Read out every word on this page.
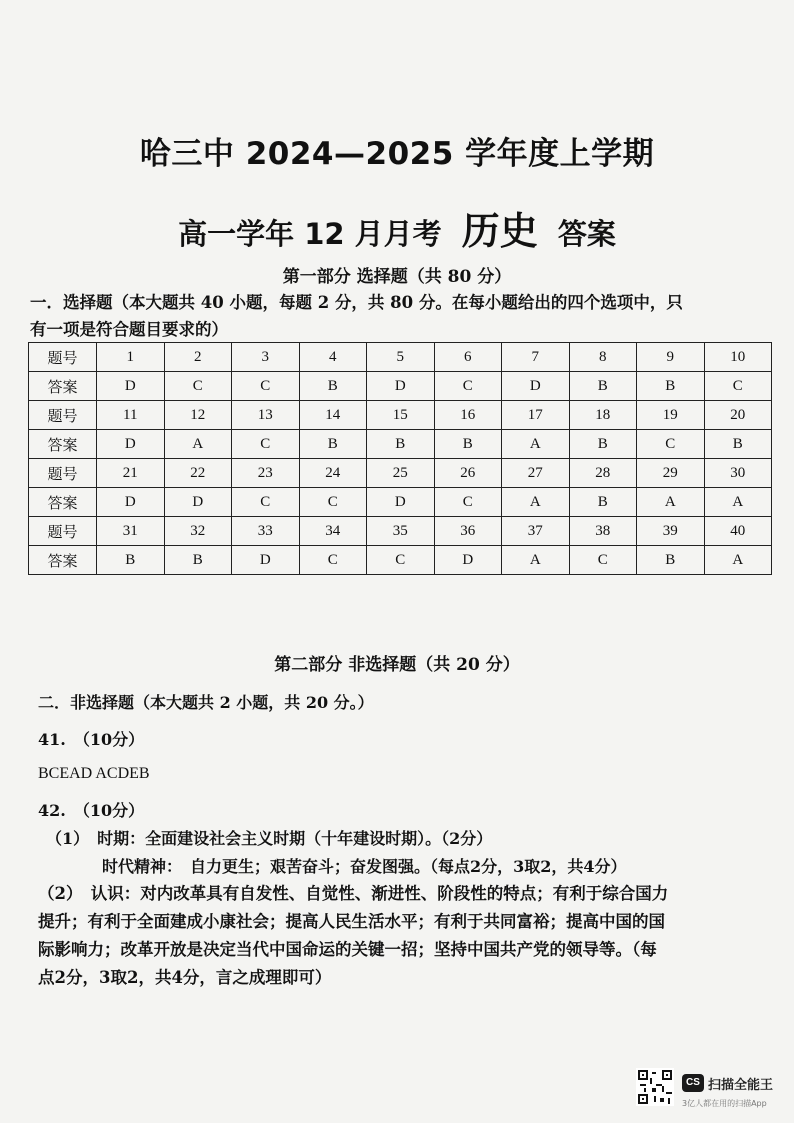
哈三中 2024—2025 学年度上学期
高一学年 12 月月考 历史 答案
第一部分 选择题（共 80 分）
一．选择题（本大题共 40 小题，每题 2 分，共 80 分。在每小题给出的四个选项中，只
有一项是符合题目要求的）
题号	1	2	3	4	5	6	7	8	9	10
答案	D	C	C	B	D	C	D	B	B	C
题号	11	12	13	14	15	16	17	18	19	20
答案	D	A	C	B	B	B	A	B	C	B
题号	21	22	23	24	25	26	27	28	29	30
答案	D	D	C	C	D	C	A	B	A	A
题号	31	32	33	34	35	36	37	38	39	40
答案	B	B	D	C	C	D	A	C	B	A
第二部分 非选择题（共 20 分）
二．非选择题（本大题共 2 小题，共 20 分。）
41.　（10分）
BCEAD ACDEB
42.　（10分）
（1）　时期：全面建设社会主义时期（十年建设时期）。（2分）
时代精神：　自力更生；艰苦奋斗；奋发图强。（每点2分，3取2，共4分）
（2）　认识：对内改革具有自发性、自觉性、渐进性、阶段性的特点；有利于综合国力
提升；有利于全面建成小康社会；提高人民生活水平；有利于共同富裕；提高中国的国
际影响力；改革开放是决定当代中国命运的关键一招；坚持中国共产党的领导等。（每
点2分，3取2，共4分，言之成理即可）
CS 扫描全能王
3亿人都在用的扫描App
